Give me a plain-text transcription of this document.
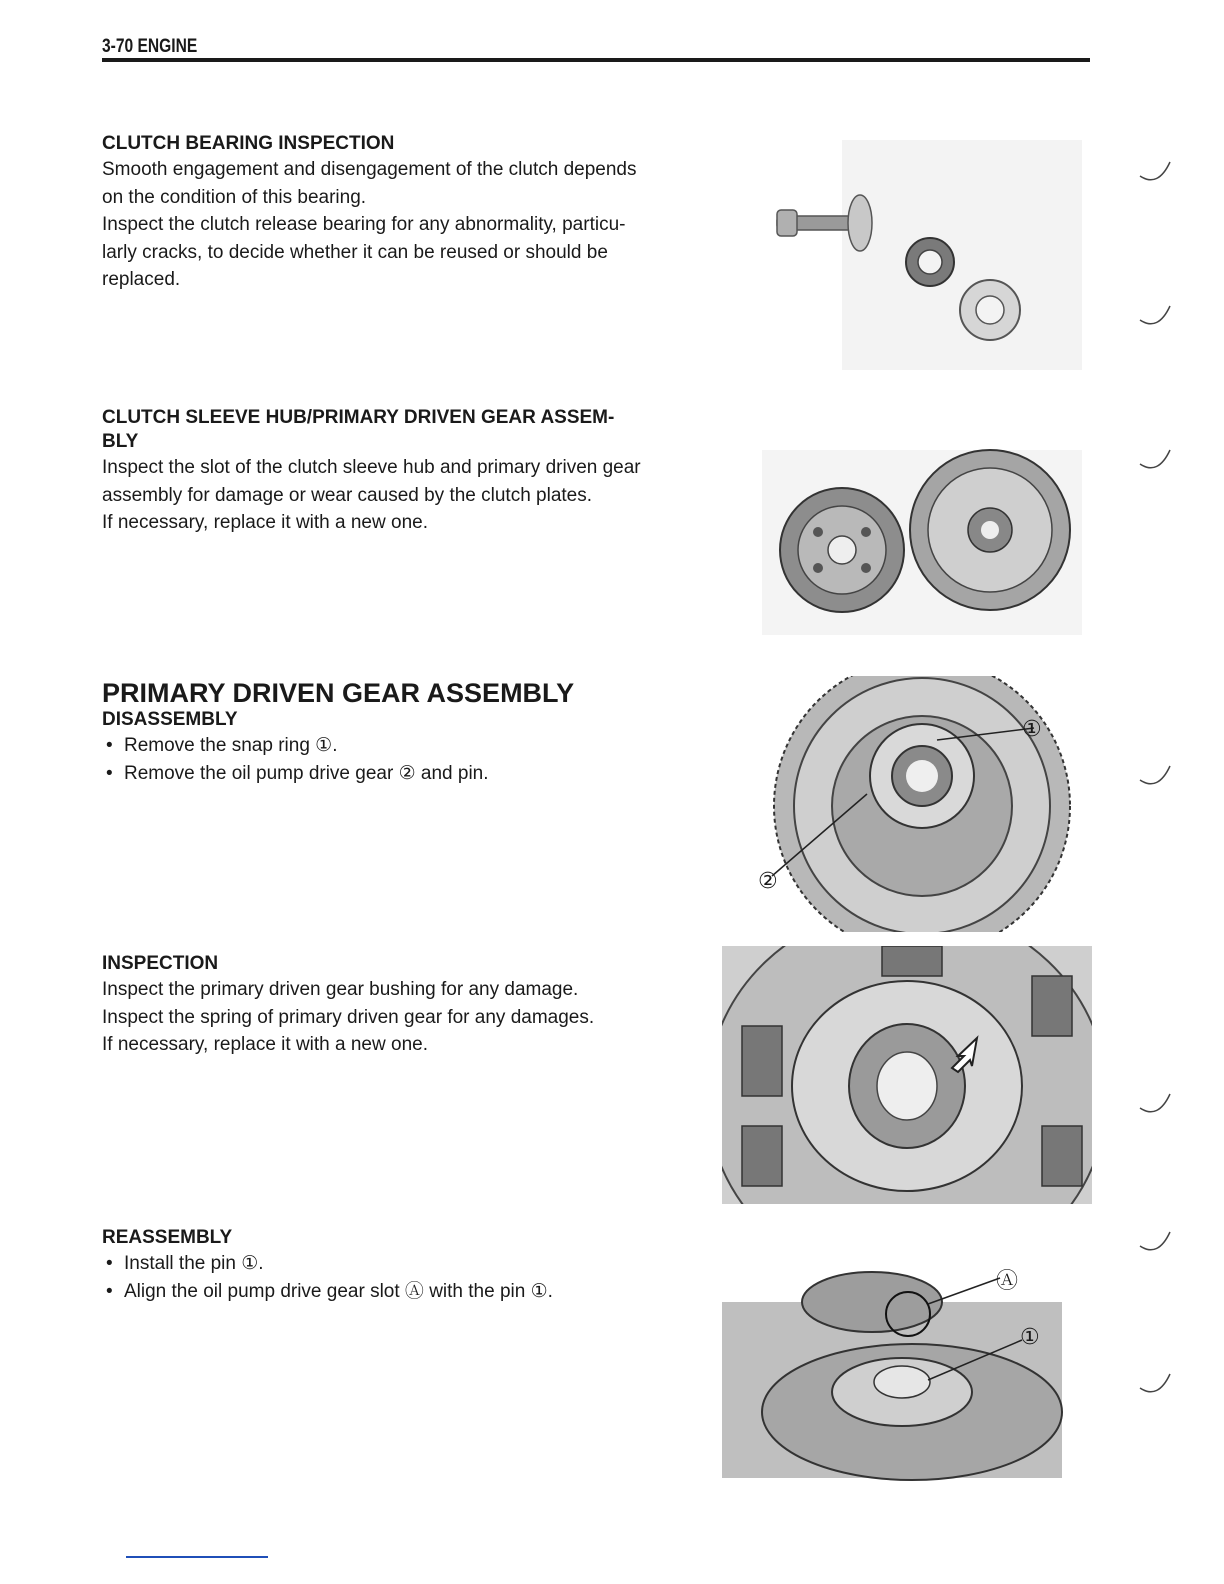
3-70 ENGINE
CLUTCH BEARING INSPECTION
Smooth engagement and disengagement of the clutch depends
on the condition of this bearing.
Inspect the clutch release bearing for any abnormality, particu-
larly cracks, to decide whether it can be reused or should be
replaced.
CLUTCH SLEEVE HUB/PRIMARY DRIVEN GEAR ASSEM-
BLY
Inspect the slot of the clutch sleeve hub and primary driven gear
assembly for damage or wear caused by the clutch plates.
If necessary, replace it with a new one.
PRIMARY DRIVEN GEAR ASSEMBLY
DISASSEMBLY
• Remove the snap ring ①.
• Remove the oil pump drive gear ② and pin.
INSPECTION
Inspect the primary driven gear bushing for any damage.
Inspect the spring of primary driven gear for any damages.
If necessary, replace it with a new one.
REASSEMBLY
• Install the pin ①.
• Align the oil pump drive gear slot Ⓐ with the pin ①.
①
②
Ⓐ
①
